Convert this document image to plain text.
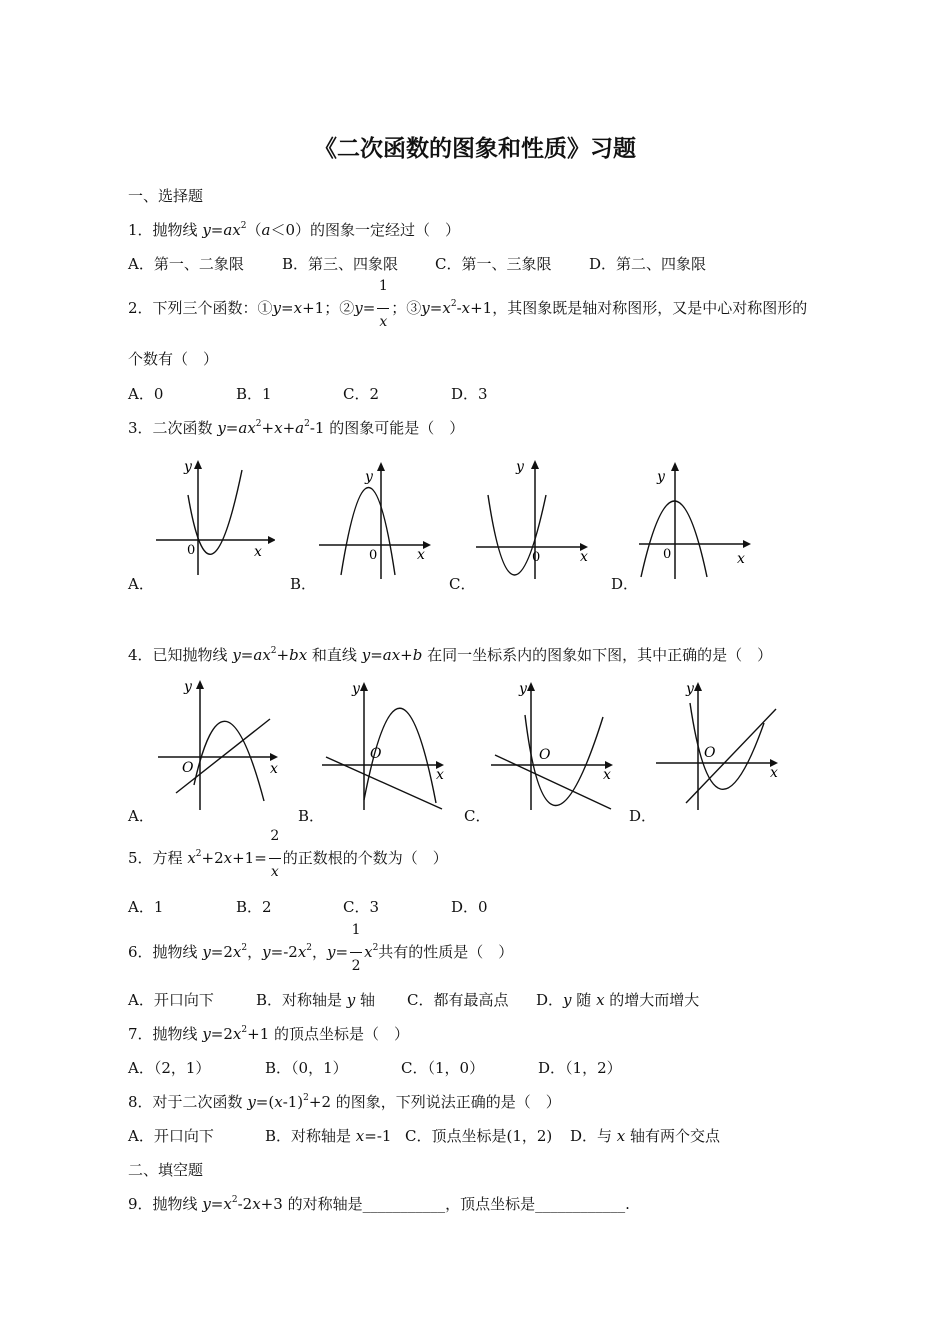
《二次函数的图象和性质》习题
一、选择题
1．抛物线 $y=ax^2(a<0)$的图象一定经过（　）
A．第一、二象限	B．第三、四象限 C．第一、三象限	D．第二、四象限
2．下列三个函数：①y=x+1；②y= $\frac{1}{x}$ ；$③y=x^2-x+1$，其图象既是轴对称图形，又是中心对称图形的
个数有（　）
A．0	B．1	C．2	D．3
3．二次函数 $y=ax^2+x+a^2-1$ 的图象可能是（　）
y
x
0
y
x
0
y
x
0
y
x
0
A．	B．	C．	D．
4．已知抛物线 $y=ax^2+bx$ 和直线 y=ax+b 在同一坐标系内的图象如下图，其中正确的是（　）
y
x
O
y
x
O
y
x
O
y
x
O
A．	B．	C．	D．
5．方程 $x^2+2x+1= \frac{2}{x}$ 的正数根的个数为（　）
A．1	B．2	C．3	D．0
6．抛物线 $y=2x^2$，$y=-2x^2$，$y= \frac{1}{2} x^2$共有的性质是（　）
A．开口向下	B．对称轴是 y 轴 C．都有最高点 D．y 随 x 的增大而增大
7．抛物线 $y=2x^2+1$ 的顶点坐标是（　）
A．（2，1）	B．（0，1）	C．（1，0）	D．（1，2）
8．对于二次函数 $y=(x-1)^2+2$ 的图象，下列说法正确的是（　）
A．开口向下	B．对称轴是 x=-1 C．顶点坐标是(1，2) D．与 x 轴有两个交点
二、填空题
9．抛物线 $y=x^2-2x+3$ 的对称轴是___________，顶点坐标是____________.
